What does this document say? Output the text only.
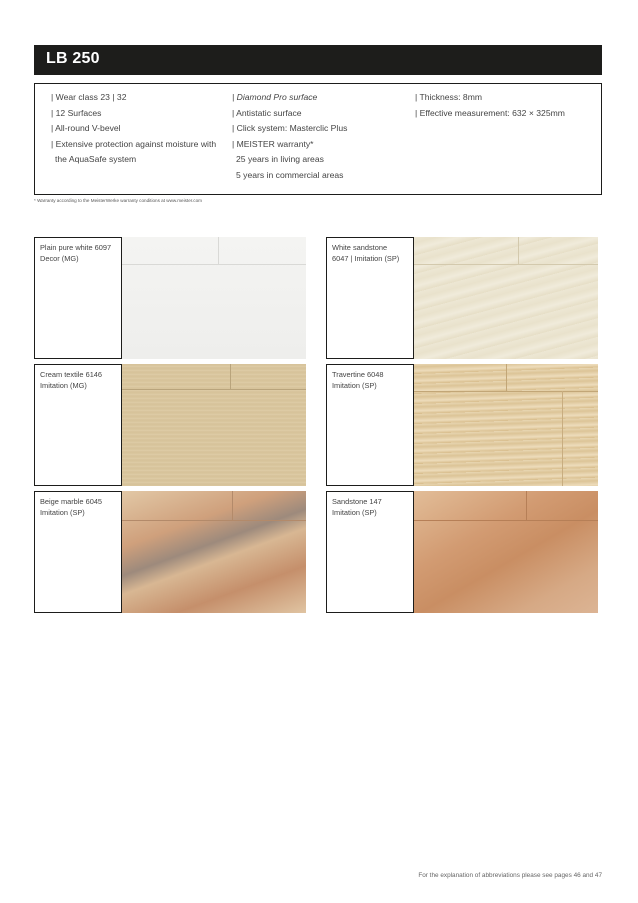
LB 250
| Wear class 23 | 32
| 12 Surfaces
| All-round V-bevel
| Extensive protection against moisture with
the AquaSafe system
| Diamond Pro surface
| Antistatic surface
| Click system: Masterclic Plus
| MEISTER warranty*
25 years in living areas
5 years in commercial areas
| Thickness: 8mm
| Effective measurement: 632 × 325mm
* Warranty according to the MeisterWerke warranty conditions at www.meister.com
Plain pure white 6097
Decor (MG)
White sandstone
6047 | Imitation (SP)
Cream textile 6146
Imitation (MG)
Travertine 6048
Imitation (SP)
Beige marble 6045
Imitation (SP)
Sandstone 147
Imitation (SP)
For the explanation of abbreviations please see pages 46 and 47
